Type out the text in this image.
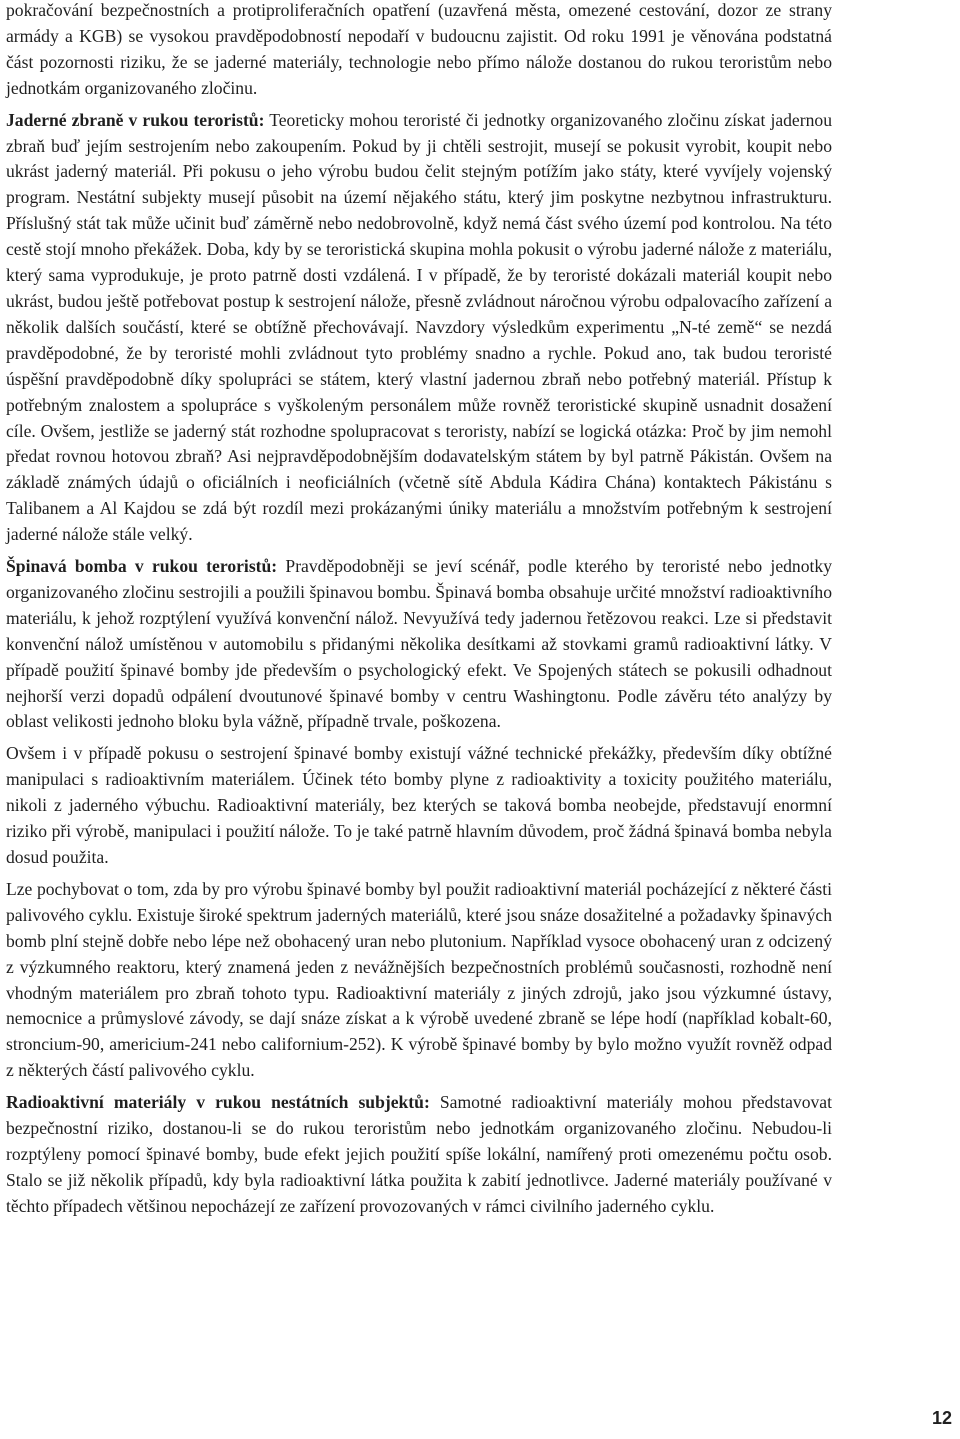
pokračování bezpečnostních a protiproliferačních opatření (uzavřená města, omezené cestování, dozor ze strany armády a KGB) se vysokou pravděpodobností nepodaří v budoucnu zajistit. Od roku 1991 je věnována podstatná část pozornosti riziku, že se jaderné materiály, technologie nebo přímo nálože dostanou do rukou teroristům nebo jednotkám organizovaného zločinu.

Jaderné zbraně v rukou teroristů: Teoreticky mohou teroristé či jednotky organizovaného zločinu získat jadernou zbraň buď jejím sestrojením nebo zakoupením. Pokud by ji chtěli sestrojit, musejí se pokusit vyrobit, koupit nebo ukrást jaderný materiál. Při pokusu o jeho výrobu budou čelit stejným potížím jako státy, které vyvíjely vojenský program. Nestátní subjekty musejí působit na území nějakého státu, který jim poskytne nezbytnou infrastrukturu. Příslušný stát tak může učinit buď záměrně nebo nedobrovolně, když nemá část svého území pod kontrolou. Na této cestě stojí mnoho překážek. Doba, kdy by se teroristická skupina mohla pokusit o výrobu jaderné nálože z materiálu, který sama vyprodukuje, je proto patrně dosti vzdálená. I v případě, že by teroristé dokázali materiál koupit nebo ukrást, budou ještě potřebovat postup k sestrojení nálože, přesně zvládnout náročnou výrobu odpalovacího zařízení a několik dalších součástí, které se obtížně přechovávají. Navzdory výsledkům experimentu „N-té země“ se nezdá pravděpodobné, že by teroristé mohli zvládnout tyto problémy snadno a rychle. Pokud ano, tak budou teroristé úspěšní pravděpodobně díky spolupráci se státem, který vlastní jadernou zbraň nebo potřebný materiál. Přístup k potřebným znalostem a spolupráce s vyškoleným personálem může rovněž teroristické skupině usnadnit dosažení cíle. Ovšem, jestliže se jaderný stát rozhodne spolupracovat s teroristy, nabízí se logická otázka: Proč by jim nemohl předat rovnou hotovou zbraň? Asi nejpravděpodobnějším dodavatelským státem by byl patrně Pákistán. Ovšem na základě známých údajů o oficiálních i neoficiálních (včetně sítě Abdula Kádira Chána) kontaktech Pákistánu s Talibanem a Al Kajdou se zdá být rozdíl mezi prokázanými úniky materiálu a množstvím potřebným k sestrojení jaderné nálože stále velký.

Špinavá bomba v rukou teroristů: Pravděpodobněji se jeví scénář, podle kterého by teroristé nebo jednotky organizovaného zločinu sestrojili a použili špinavou bombu. Špinavá bomba obsahuje určité množství radioaktivního materiálu, k jehož rozptýlení využívá konvenční nálož. Nevyužívá tedy jadernou řetězovou reakci. Lze si představit konvenční nálož umístěnou v automobilu s přidanými několika desítkami až stovkami gramů radioaktivní látky. V případě použití špinavé bomby jde především o psychologický efekt. Ve Spojených státech se pokusili odhadnout nejhorší verzi dopadů odpálení dvoutunové špinavé bomby v centru Washingtonu. Podle závěru této analýzy by oblast velikosti jednoho bloku byla vážně, případně trvale, poškozena.

Ovšem i v případě pokusu o sestrojení špinavé bomby existují vážné technické překážky, především díky obtížné manipulaci s radioaktivním materiálem. Účinek této bomby plyne z radioaktivity a toxicity použitého materiálu, nikoli z jaderného výbuchu. Radioaktivní materiály, bez kterých se taková bomba neobejde, představují enormní riziko při výrobě, manipulaci i použití nálože. To je také patrně hlavním důvodem, proč žádná špinavá bomba nebyla dosud použita.

Lze pochybovat o tom, zda by pro výrobu špinavé bomby byl použit radioaktivní materiál pocházející z některé části palivového cyklu. Existuje široké spektrum jaderných materiálů, které jsou snáze dosažitelné a požadavky špinavých bomb plní stejně dobře nebo lépe než obohacený uran nebo plutonium. Například vysoce obohacený uran z odcizený z výzkumného reaktoru, který znamená jeden z nevážnějších bezpečnostních problémů současnosti, rozhodně není vhodným materiálem pro zbraň tohoto typu. Radioaktivní materiály z jiných zdrojů, jako jsou výzkumné ústavy, nemocnice a průmyslové závody, se dají snáze získat a k výrobě uvedené zbraně se lépe hodí (například kobalt-60, stroncium-90, americium-241 nebo californium-252). K výrobě špinavé bomby by bylo možno využít rovněž odpad z některých částí palivového cyklu.

Radioaktivní materiály v rukou nestátních subjektů: Samotné radioaktivní materiály mohou představovat bezpečnostní riziko, dostanou-li se do rukou teroristům nebo jednotkám organizovaného zločinu. Nebudou-li rozptýleny pomocí špinavé bomby, bude efekt jejich použití spíše lokální, namířený proti omezenému počtu osob. Stalo se již několik případů, kdy byla radioaktivní látka použita k zabití jednotlivce. Jaderné materiály používané v těchto případech většinou nepocházejí ze zařízení provozovaných v rámci civilního jaderného cyklu.

12
